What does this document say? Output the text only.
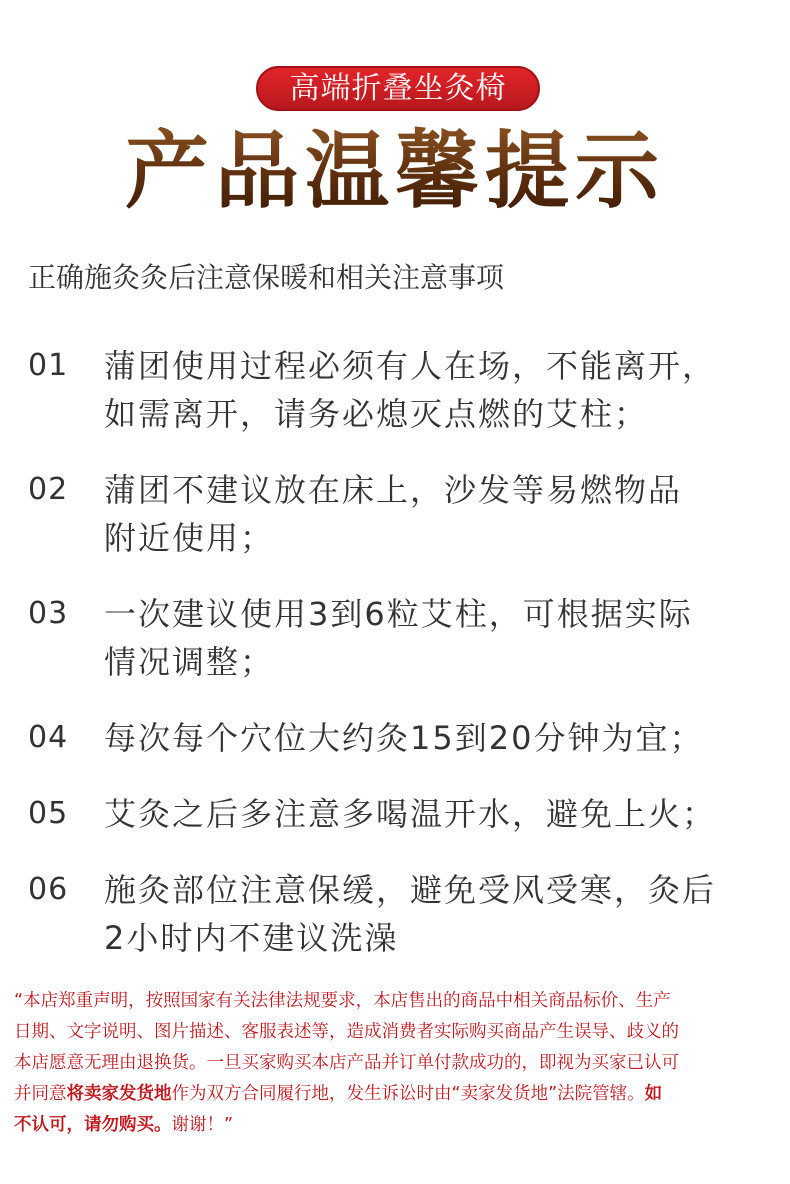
高端折叠坐灸椅
产品温馨提示
正确施灸灸后注意保暖和相关注意事项
01 蒲团使用过程必须有人在场，不能离开，
如需离开，请务必熄灭点燃的艾柱；
02 蒲团不建议放在床上，沙发等易燃物品
附近使用；
03 一次建议使用3到6粒艾柱，可根据实际
情况调整；
04 每次每个穴位大约灸15到20分钟为宜；
05 艾灸之后多注意多喝温开水，避免上火；
06 施灸部位注意保缓，避免受风受寒，灸后
2小时内不建议洗澡
“本店郑重声明，按照国家有关法律法规要求，本店售出的商品中相关商品标价、生产
日期、文字说明、图片描述、客服表述等，造成消费者实际购买商品产生误导、歧义的
本店愿意无理由退换货。一旦买家购买本店产品并订单付款成功的，即视为买家已认可
并同意将卖家发货地作为双方合同履行地，发生诉讼时由“卖家发货地”法院管辖。如
不认可，请勿购买。谢谢！”
